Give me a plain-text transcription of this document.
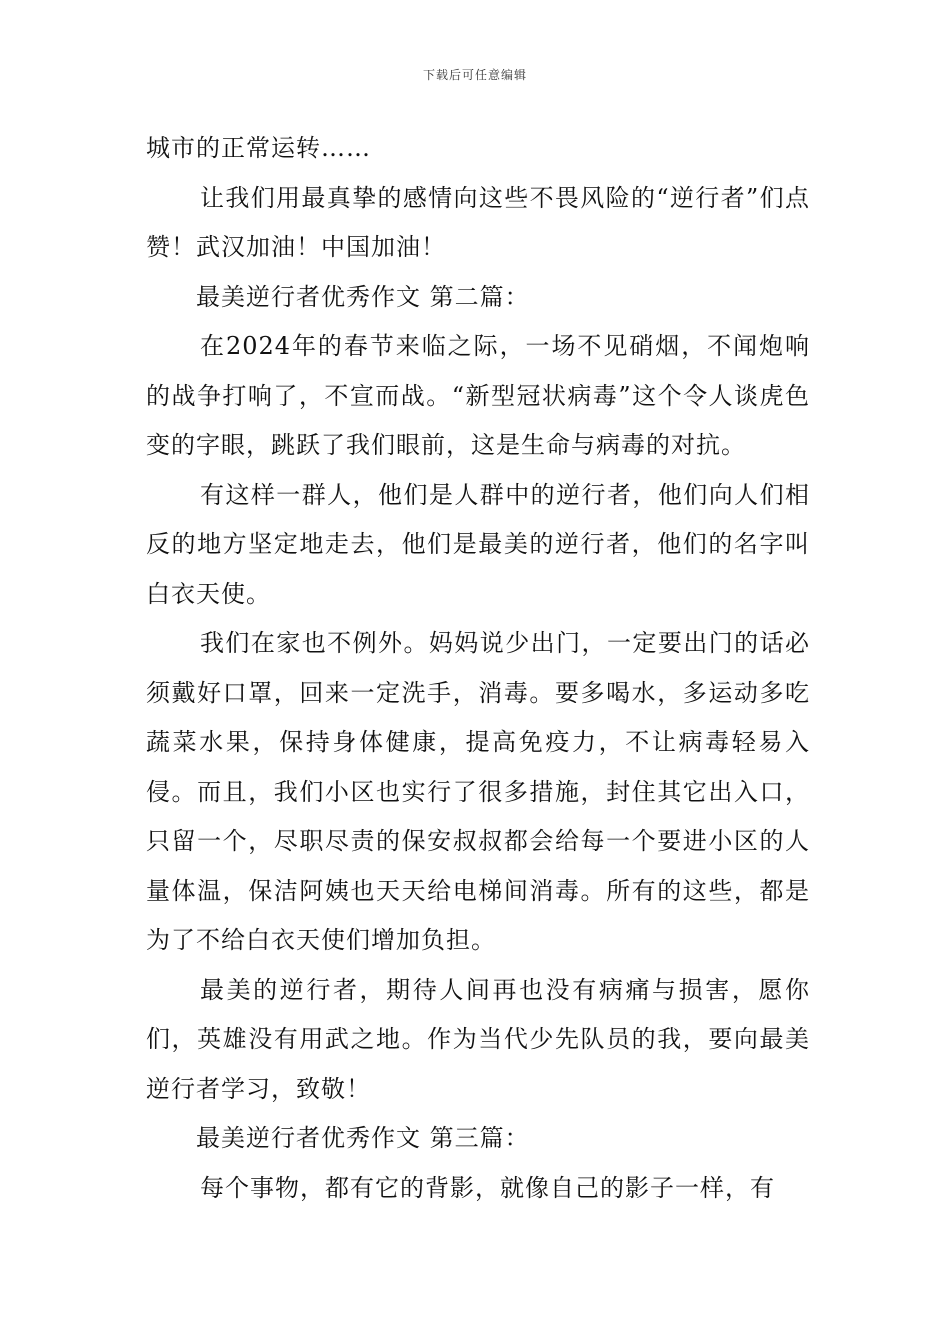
下载后可任意编辑

城市的正常运转……

让我们用最真挚的感情向这些不畏风险的“逆行者”们点赞！武汉加油！中国加油！

最美逆行者优秀作文 第二篇：

在2024年的春节来临之际，一场不见硝烟，不闻炮响的战争打响了，不宣而战。“新型冠状病毒”这个令人谈虎色变的字眼，跳跃了我们眼前，这是生命与病毒的对抗。

有这样一群人，他们是人群中的逆行者，他们向人们相反的地方坚定地走去，他们是最美的逆行者，他们的名字叫白衣天使。

我们在家也不例外。妈妈说少出门，一定要出门的话必须戴好口罩，回来一定洗手，消毒。要多喝水，多运动多吃蔬菜水果，保持身体健康，提高免疫力，不让病毒轻易入侵。而且，我们小区也实行了很多措施，封住其它出入口，只留一个，尽职尽责的保安叔叔都会给每一个要进小区的人量体温，保洁阿姨也天天给电梯间消毒。所有的这些，都是为了不给白衣天使们增加负担。

最美的逆行者，期待人间再也没有病痛与损害，愿你们，英雄没有用武之地。作为当代少先队员的我，要向最美逆行者学习，致敬！

最美逆行者优秀作文 第三篇：

每个事物，都有它的背影，就像自己的影子一样，有
